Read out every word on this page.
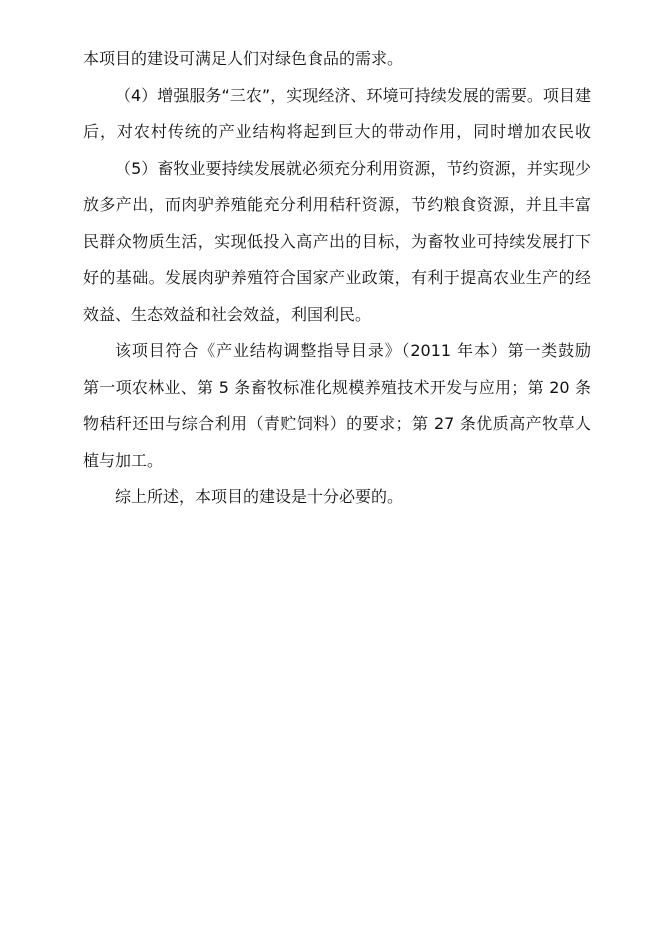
本项目的建设可满足人们对绿色食品的需求。
（4）增强服务“三农”，实现经济、环境可持续发展的需要。项目建
后，对农村传统的产业结构将起到巨大的带动作用，同时增加农民收
（5）畜牧业要持续发展就必须充分利用资源，节约资源，并实现少
放多产出，而肉驴养殖能充分利用秸秆资源，节约粮食资源，并且丰富
民群众物质生活，实现低投入高产出的目标，为畜牧业可持续发展打下
好的基础。发展肉驴养殖符合国家产业政策，有利于提高农业生产的经
效益、生态效益和社会效益，利国利民。
该项目符合《产业结构调整指导目录》（2011 年本）第一类鼓励
第一项农林业、第 5 条畜牧标准化规模养殖技术开发与应用；第 20 条
物秸秆还田与综合利用（青贮饲料）的要求；第 27 条优质高产牧草人
植与加工。
综上所述，本项目的建设是十分必要的。
